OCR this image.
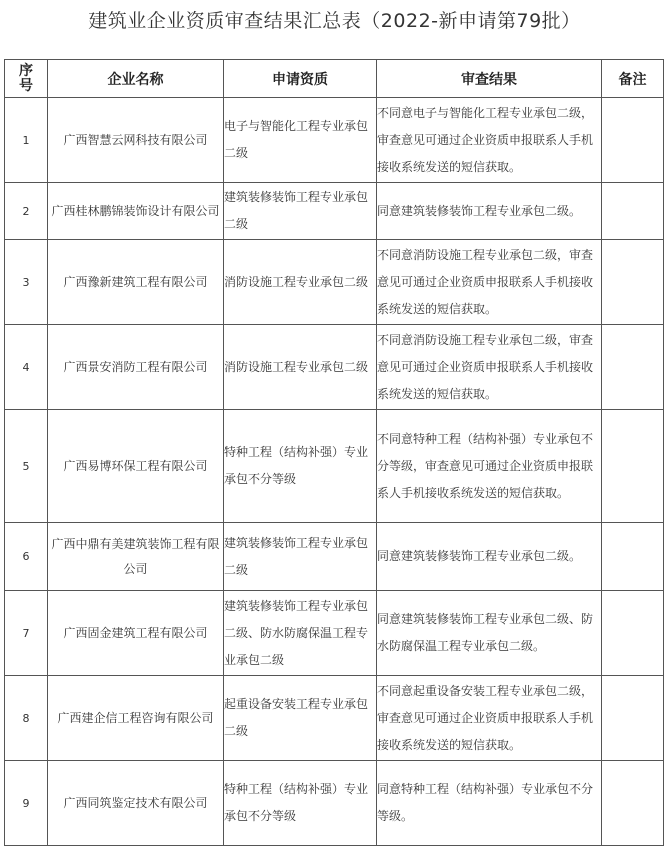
建筑业企业资质审查结果汇总表（2022-新申请第79批）
序号	企业名称	申请资质	审查结果	备注
1	广西智慧云网科技有限公司	电子与智能化工程专业承包二级	不同意电子与智能化工程专业承包二级，审查意见可通过企业资质申报联系人手机接收系统发送的短信获取。	
2	广西桂林鹏锦装饰设计有限公司	建筑装修装饰工程专业承包二级	同意建筑装修装饰工程专业承包二级。	
3	广西豫新建筑工程有限公司	消防设施工程专业承包二级	不同意消防设施工程专业承包二级，审查意见可通过企业资质申报联系人手机接收系统发送的短信获取。	
4	广西景安消防工程有限公司	消防设施工程专业承包二级	不同意消防设施工程专业承包二级，审查意见可通过企业资质申报联系人手机接收系统发送的短信获取。	
5	广西易博环保工程有限公司	特种工程（结构补强）专业承包不分等级	不同意特种工程（结构补强）专业承包不分等级，审查意见可通过企业资质申报联系人手机接收系统发送的短信获取。	
6	广西中鼎有美建筑装饰工程有限公司	建筑装修装饰工程专业承包二级	同意建筑装修装饰工程专业承包二级。	
7	广西固金建筑工程有限公司	建筑装修装饰工程专业承包二级、防水防腐保温工程专业承包二级	同意建筑装修装饰工程专业承包二级、防水防腐保温工程专业承包二级。	
8	广西建企信工程咨询有限公司	起重设备安装工程专业承包二级	不同意起重设备安装工程专业承包二级，审查意见可通过企业资质申报联系人手机接收系统发送的短信获取。	
9	广西同筑鉴定技术有限公司	特种工程（结构补强）专业承包不分等级	同意特种工程（结构补强）专业承包不分等级。	
